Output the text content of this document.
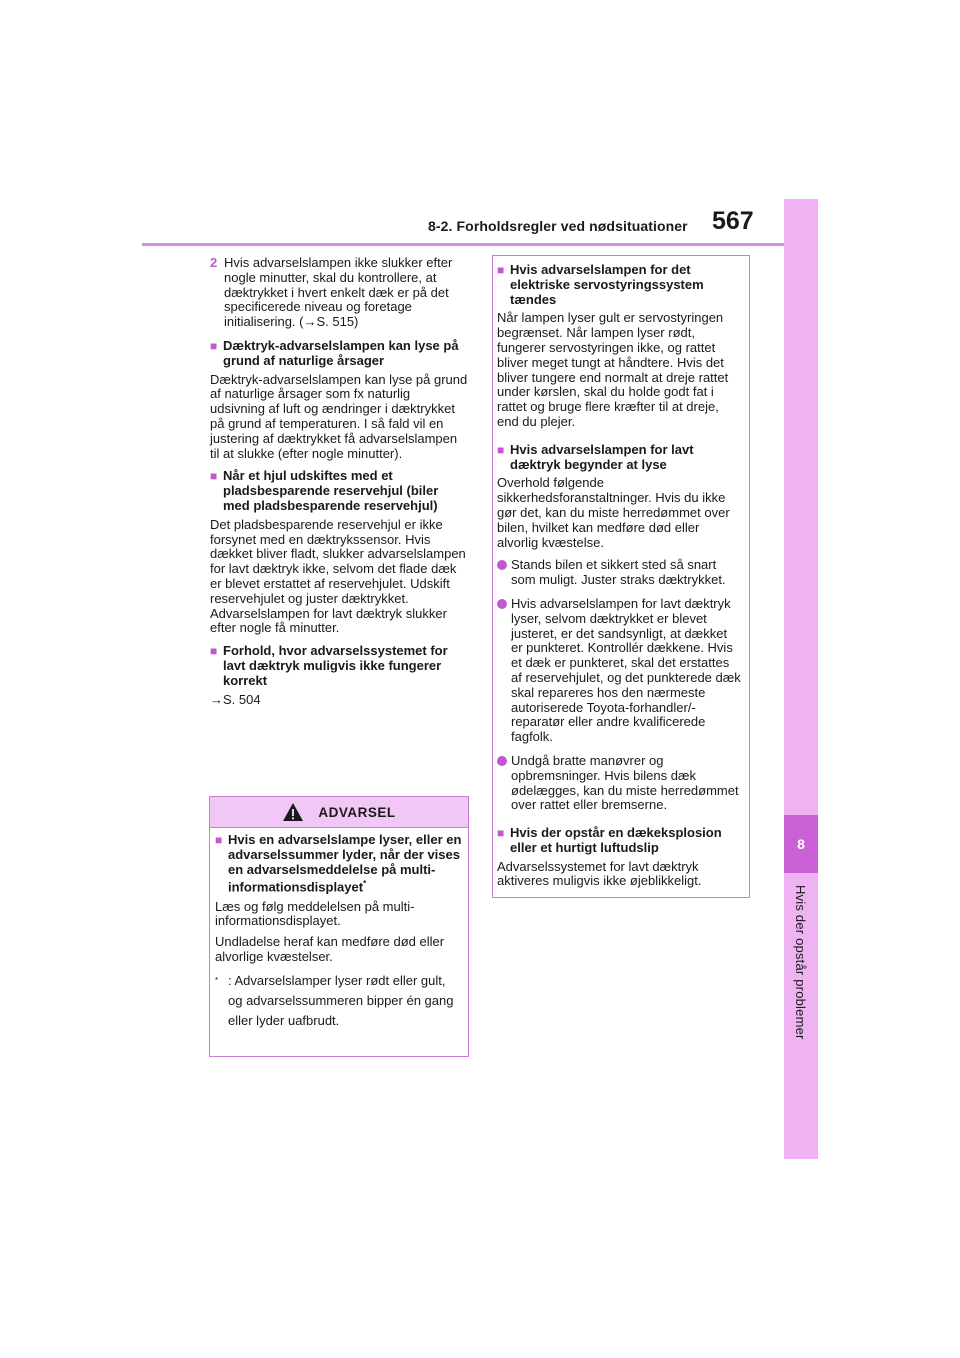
8-2. Forholdsregler ved nødsituationer 567
8
Hvis der opstår problemer
2 Hvis advarselslampen ikke slukker efter nogle minutter, skal du kontrollere, at dæktrykket i hvert enkelt dæk er på det specificerede niveau og foretage initialisering. (→S. 515)
■ Dæktryk-advarselslampen kan lyse på grund af naturlige årsager

Dæktryk-advarselslampen kan lyse på grund af naturlige årsager som fx naturlig udsivning af luft og ændringer i dæktrykket på grund af temperaturen. I så fald vil en justering af dæktrykket få advarselslampen til at slukke (efter nogle minutter).

■ Når et hjul udskiftes med et pladsbesparende reservehjul (biler med pladsbesparende reservehjul)

Det pladsbesparende reservehjul er ikke forsynet med en dæktrykssensor. Hvis dækket bliver fladt, slukker advarselslampen for lavt dæktryk ikke, selvom det flade dæk er blevet erstattet af reservehjulet. Udskift reservehjulet og juster dæktrykket. Advarselslampen for lavt dæktryk slukker efter nogle få minutter.

■ Forhold, hvor advarselssystemet for lavt dæktryk muligvis ikke fungerer korrekt

→S. 504

ADVARSEL
■ Hvis en advarselslampe lyser, eller en advarselssummer lyder, når der vises en advarselsmeddelelse på multi-informationsdisplayet*

Læs og følg meddelelsen på multi-informationsdisplayet.

Undladelse heraf kan medføre død eller alvorlige kvæstelser.

* : Advarselslamper lyser rødt eller gult, og advarselssummeren bipper én gang eller lyder uafbrudt.
■ Hvis advarselslampen for det elektriske servostyringssystem tændes

Når lampen lyser gult er servostyringen begrænset. Når lampen lyser rødt, fungerer servostyringen ikke, og rattet bliver meget tungt at håndtere. Hvis det bliver tungere end normalt at dreje rattet under kørslen, skal du holde godt fat i rattet og bruge flere kræfter til at dreje, end du plejer.

■ Hvis advarselslampen for lavt dæktryk begynder at lyse

Overhold følgende sikkerhedsforanstaltninger. Hvis du ikke gør det, kan du miste herredømmet over bilen, hvilket kan medføre død eller alvorlig kvæstelse.

Stands bilen et sikkert sted så snart som muligt. Juster straks dæktrykket.
Hvis advarselslampen for lavt dæktryk lyser, selvom dæktrykket er blevet justeret, er det sandsynligt, at dækket er punkteret. Kontrollér dækkene. Hvis et dæk er punkteret, skal det erstattes af reservehjulet, og det punkterede dæk skal repareres hos den nærmeste autoriserede Toyota-forhandler/-reparatør eller andre kvalificerede fagfolk.
Undgå bratte manøvrer og opbremsninger. Hvis bilens dæk ødelægges, kan du miste herredømmet over rattet eller bremserne.
■ Hvis der opstår en dækeksplosion eller et hurtigt luftudslip

Advarselssystemet for lavt dæktryk aktiveres muligvis ikke øjeblikkeligt.
